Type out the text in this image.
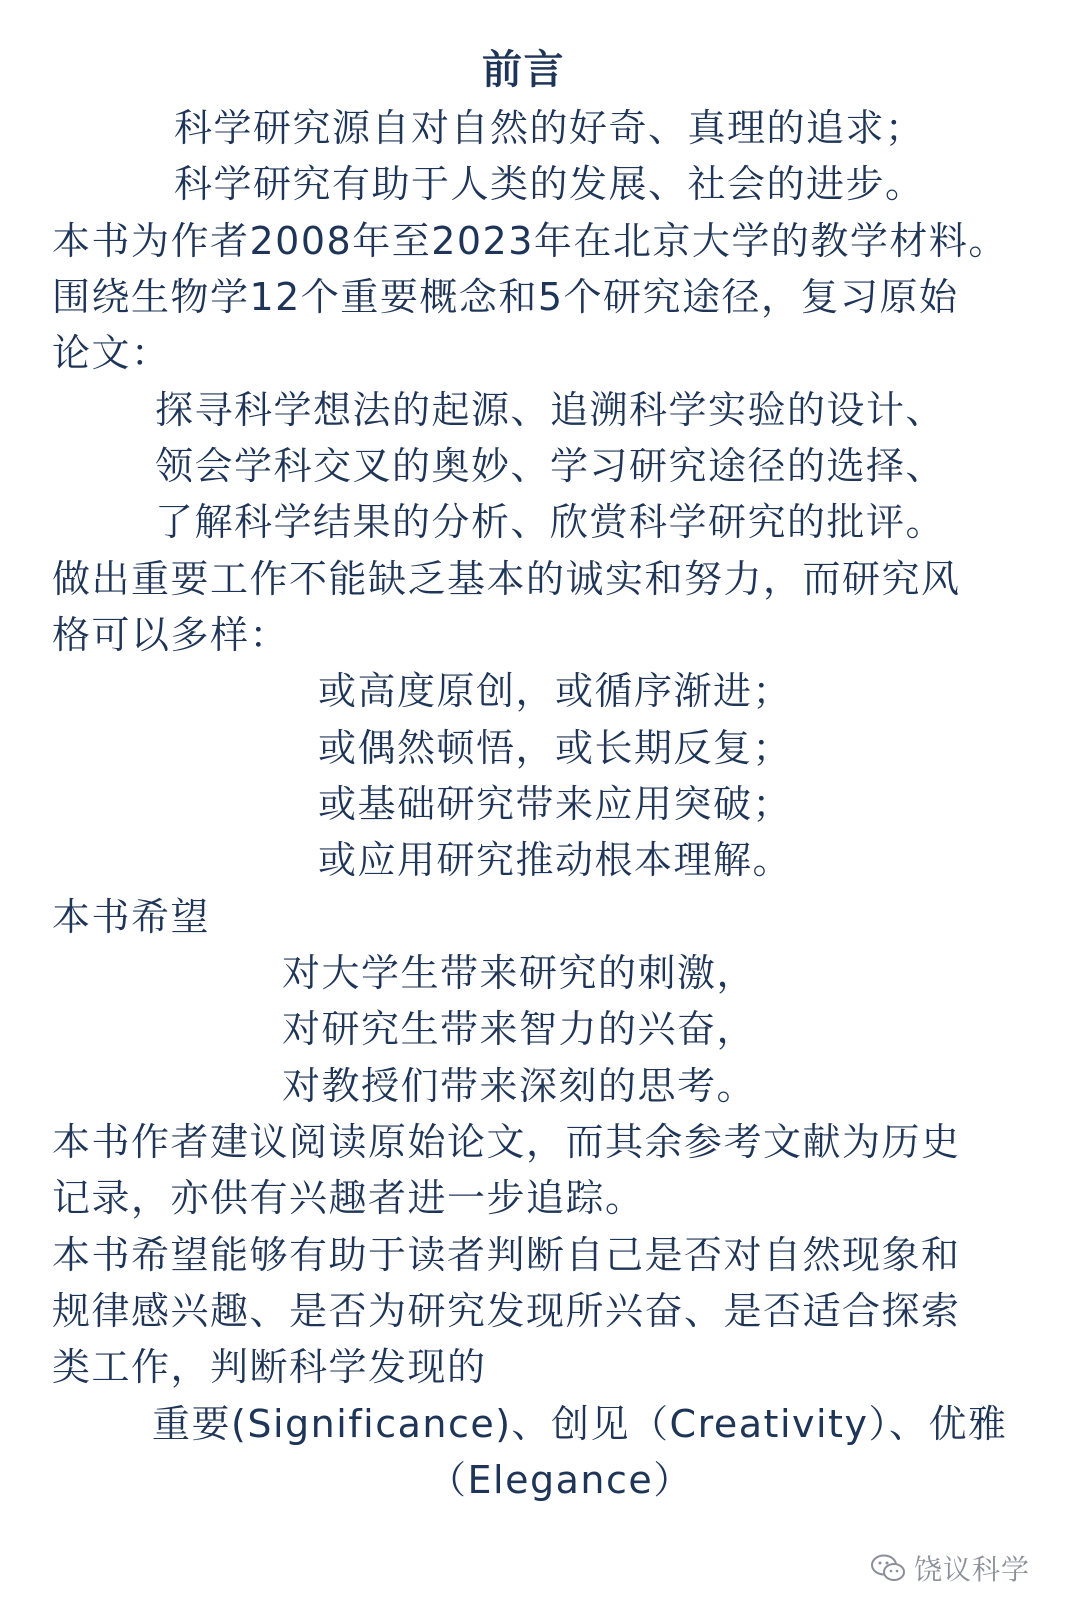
前言
科学研究源自对自然的好奇、真理的追求；
科学研究有助于人类的发展、社会的进步。
本书为作者2008年至2023年在北京大学的教学材料。
围绕生物学12个重要概念和5个研究途径，复习原始
论文：
探寻科学想法的起源、追溯科学实验的设计、
领会学科交叉的奥妙、学习研究途径的选择、
了解科学结果的分析、欣赏科学研究的批评。
做出重要工作不能缺乏基本的诚实和努力，而研究风
格可以多样：
或高度原创，或循序渐进；
或偶然顿悟，或长期反复；
或基础研究带来应用突破；
或应用研究推动根本理解。
本书希望
对大学生带来研究的刺激，
对研究生带来智力的兴奋，
对教授们带来深刻的思考。
本书作者建议阅读原始论文，而其余参考文献为历史
记录，亦供有兴趣者进一步追踪。
本书希望能够有助于读者判断自己是否对自然现象和
规律感兴趣、是否为研究发现所兴奋、是否适合探索
类工作，判断科学发现的
重要(Significance)、创见（Creativity）、优雅
（Elegance）
饶议科学
